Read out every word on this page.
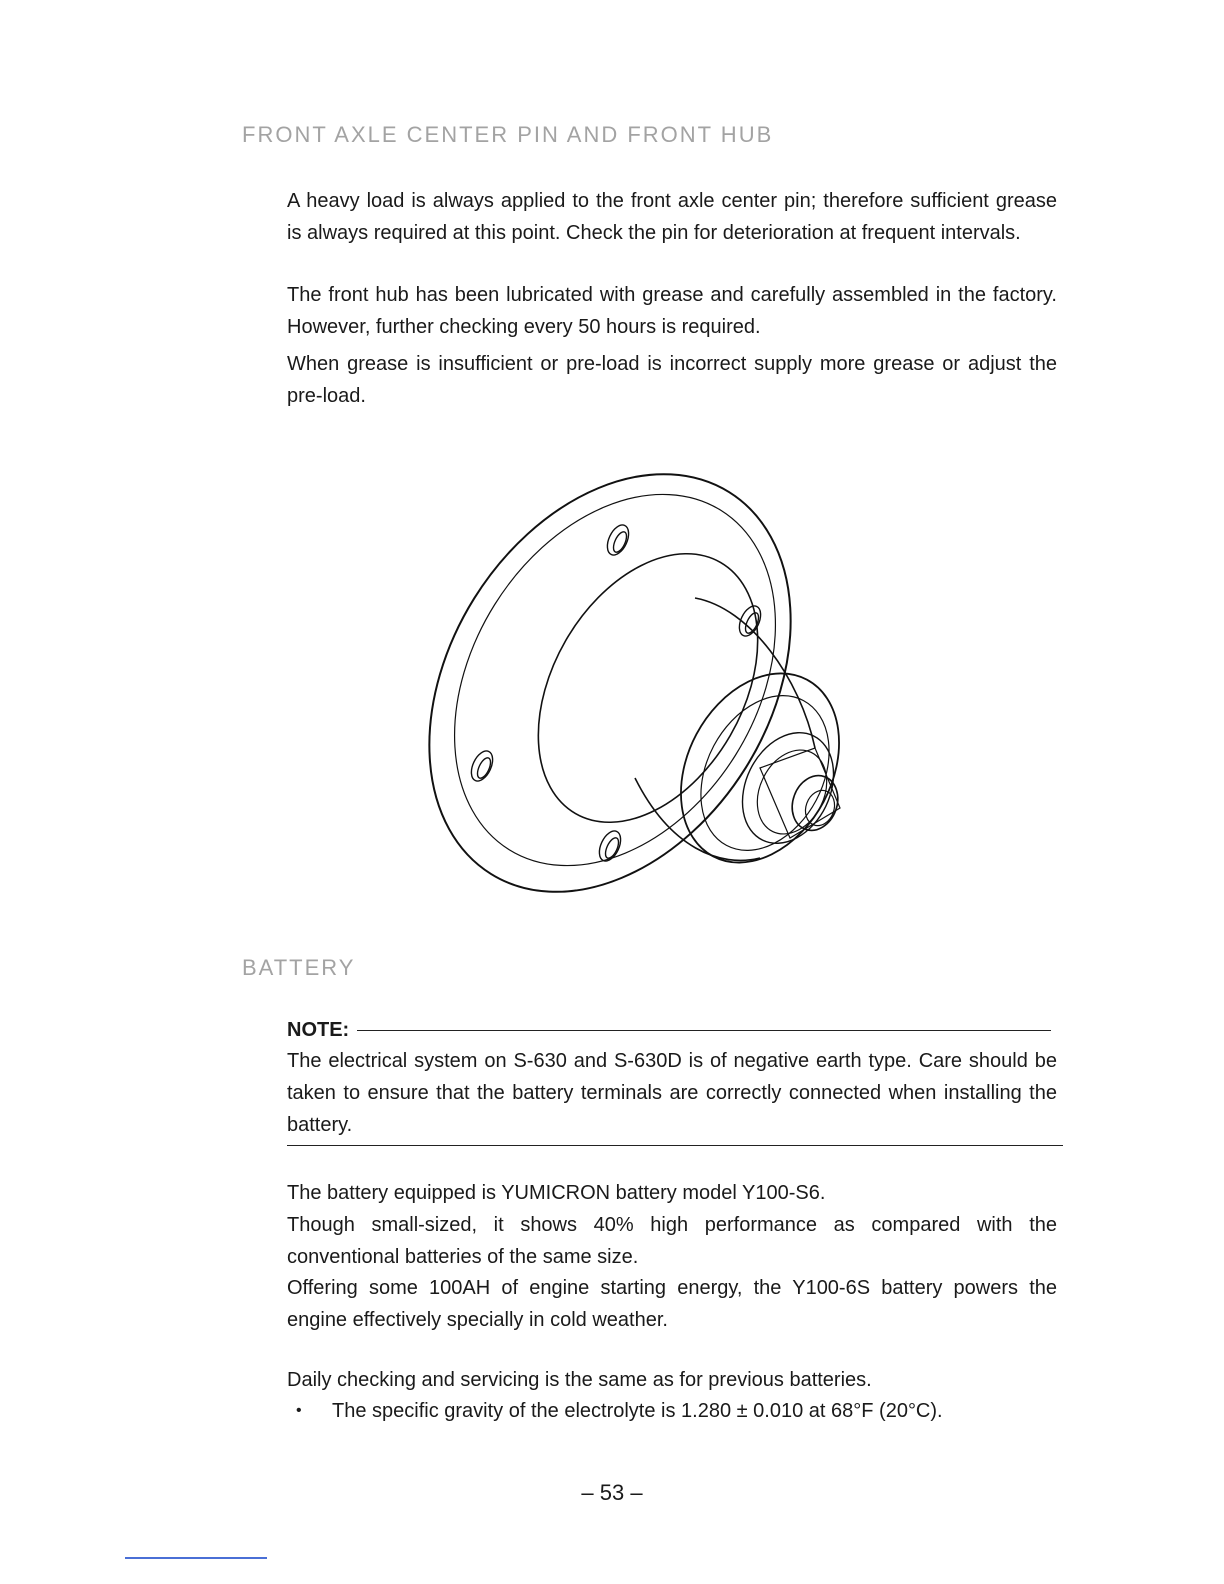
FRONT AXLE CENTER PIN AND FRONT HUB

A heavy load is always applied to the front axle center pin; therefore sufficient grease is always required at this point. Check the pin for deterioration at frequent intervals.

The front hub has been lubricated with grease and carefully assembled in the factory. However, further checking every 50 hours is required.

When grease is insufficient or pre-load is incorrect supply more grease or adjust the pre-load.

BATTERY
NOTE:

The electrical system on S-630 and S-630D is of negative earth type. Care should be taken to ensure that the battery terminals are correctly connected when installing the battery.

The battery equipped is YUMICRON battery model Y100-S6.

Though small-sized, it shows 40% high performance as compared with the conventional batteries of the same size.

Offering some 100AH of engine starting energy, the Y100-6S battery powers the engine effectively specially in cold weather.

Daily checking and servicing is the same as for previous batteries.

•	The specific gravity of the electrolyte is 1.280 ± 0.010 at 68°F (20°C).
– 53 –
